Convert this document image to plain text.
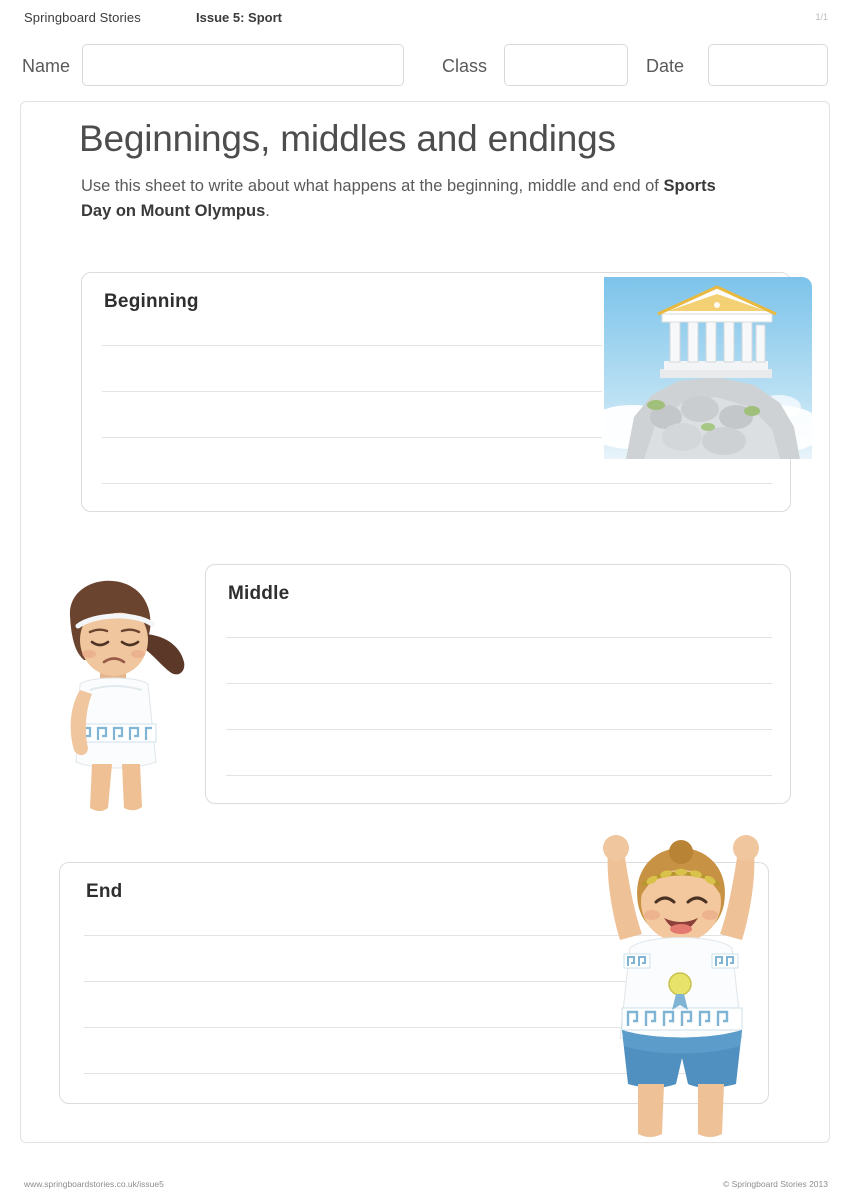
Springboard Stories	Issue 5: Sport	1/1
Name	Class	Date
Beginnings, middles and endings
Use this sheet to write about what happens at the beginning, middle and end of Sports Day on Mount Olympus.
Beginning
Middle
End
www.springboardstories.co.uk/issue5	© Springboard Stories 2013
